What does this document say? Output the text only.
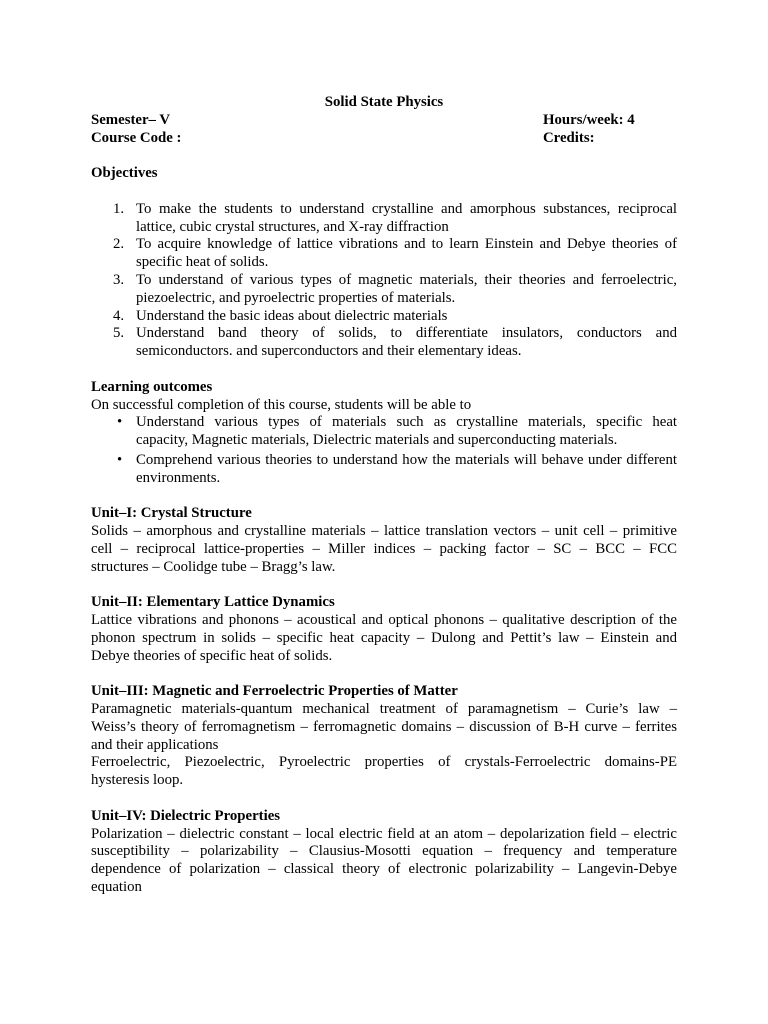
Solid State Physics
Semester– V	Hours/week: 4
Course Code :	Credits:
Objectives
1. To make the students to understand crystalline and amorphous substances, reciprocal
lattice, cubic crystal structures, and X-ray diffraction
2. To acquire knowledge of lattice vibrations and to learn Einstein and Debye theories of
specific heat of solids.
3. To understand of various types of magnetic materials, their theories and ferroelectric,
piezoelectric, and pyroelectric properties of materials.
4. Understand the basic ideas about dielectric materials
5. Understand band theory of solids, to differentiate insulators, conductors and
semiconductors. and superconductors and their elementary ideas.
Learning outcomes
On successful completion of this course, students will be able to
•
Understand various types of materials such as crystalline materials, specific heat
capacity, Magnetic materials, Dielectric materials and superconducting materials.
•
Comprehend various theories to understand how the materials will behave under different
environments.
Unit–I: Crystal Structure
Solids – amorphous and crystalline materials – lattice translation vectors – unit cell – primitive
cell – reciprocal lattice-properties – Miller indices – packing factor – SC – BCC – FCC
structures – Coolidge tube – Bragg’s law.
Unit–II: Elementary Lattice Dynamics
Lattice vibrations and phonons – acoustical and optical phonons – qualitative description of the
phonon spectrum in solids – specific heat capacity – Dulong and Pettit’s law – Einstein and
Debye theories of specific heat of solids.
Unit–III: Magnetic and Ferroelectric Properties of Matter
Paramagnetic materials-quantum mechanical treatment of paramagnetism – Curie’s law –
Weiss’s theory of ferromagnetism – ferromagnetic domains – discussion of B-H curve – ferrites
and their applications
Ferroelectric, Piezoelectric, Pyroelectric properties of crystals-Ferroelectric domains-PE
hysteresis loop.
Unit–IV: Dielectric Properties
Polarization – dielectric constant – local electric field at an atom – depolarization field – electric
susceptibility – polarizability – Clausius-Mosotti equation – frequency and temperature
dependence of polarization – classical theory of electronic polarizability – Langevin-Debye
equation
